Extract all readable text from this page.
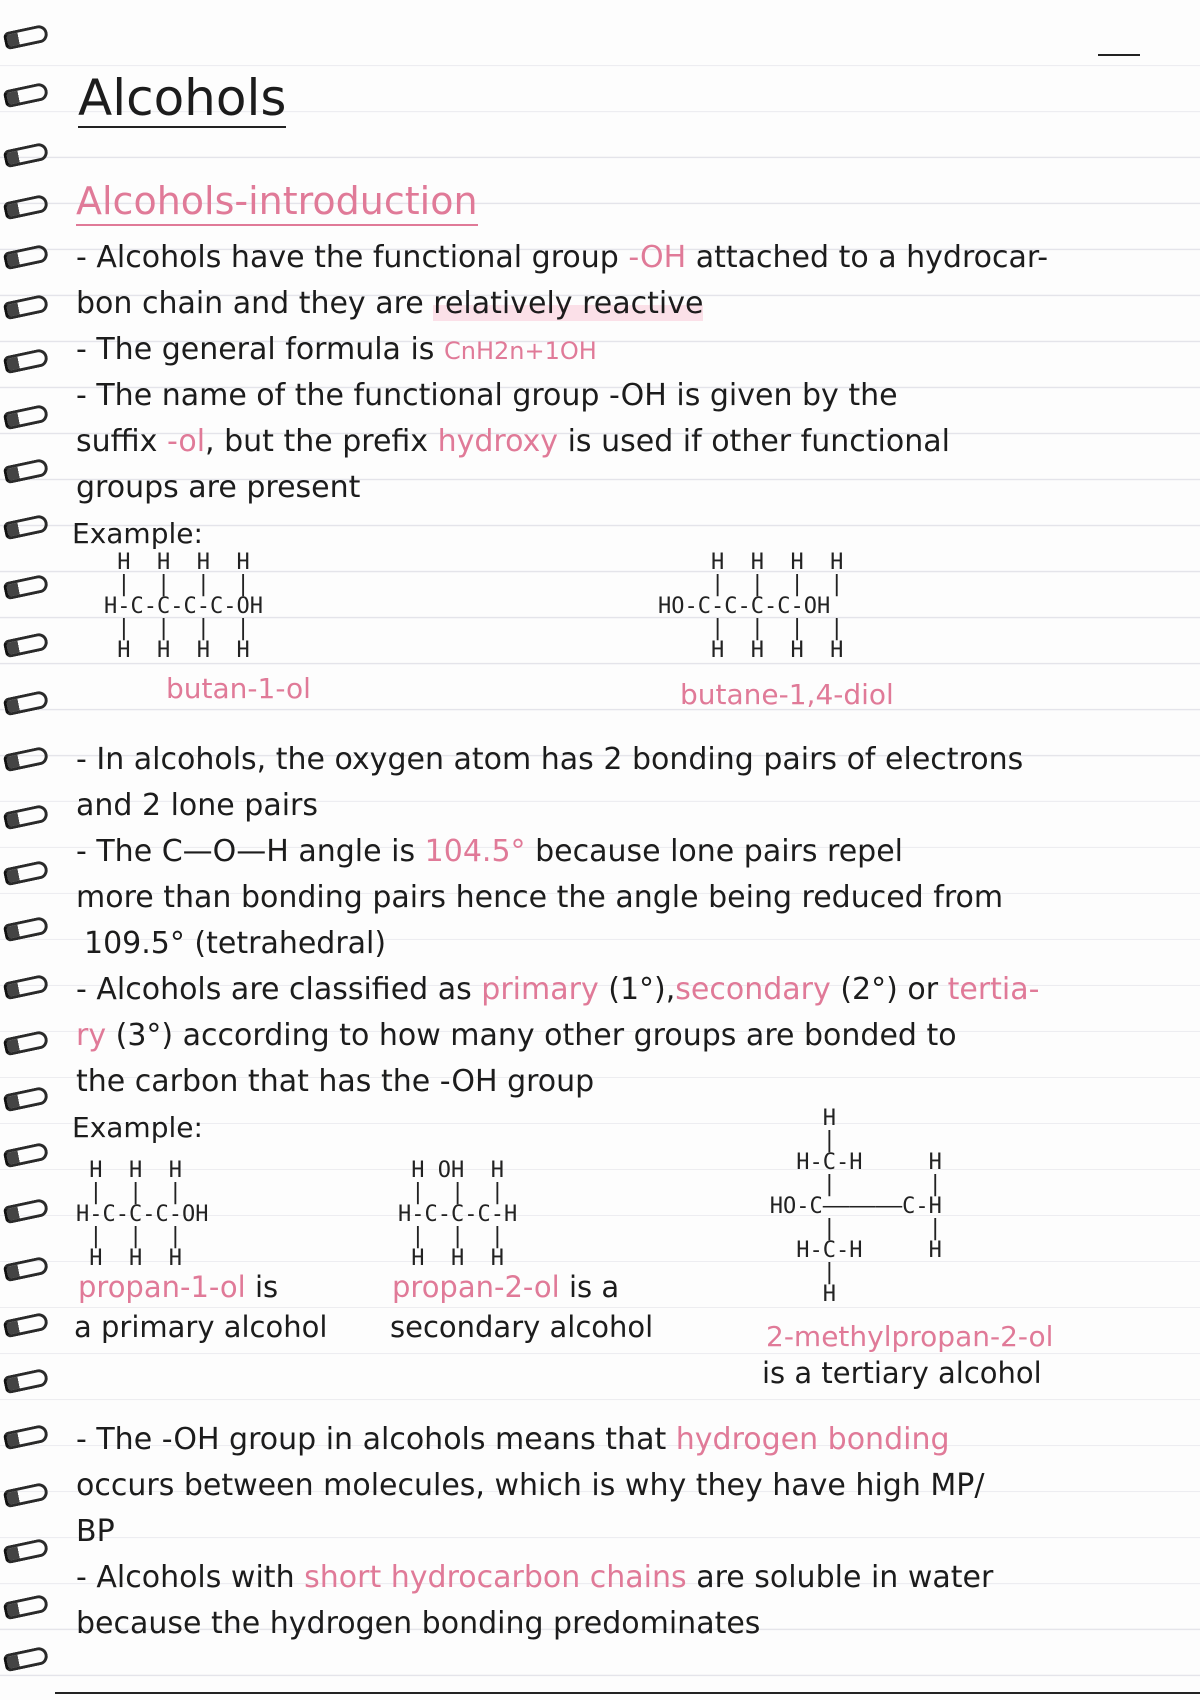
Alcohols
Alcohols-introduction
- Alcohols have the functional group -OH attached to a hydrocar-
bon chain and they are relatively reactive
- The general formula is CnH2n+1OH
- The name of the functional group -OH is given by the
suffix -ol, but the prefix hydroxy is used if other functional
groups are present
Example:
H  H  H  H
|  |  |  |
H-C-C-C-C-OH
|  |  |  |
H  H  H  H
butan-1-ol
H  H  H  H
|  |  |  |
HO-C-C-C-C-OH
|  |  |  |
H  H  H  H
butane-1,4-diol
- In alcohols, the oxygen atom has 2 bonding pairs of electrons
and 2 lone pairs
- The C—O—H angle is 104.5° because lone pairs repel
more than bonding pairs hence the angle being reduced from
109.5° (tetrahedral)
- Alcohols are classified as primary (1°),secondary (2°) or tertia-
ry (3°) according to how many other groups are bonded to
the carbon that has the -OH group
Example:
H  H  H
|  |  |
H-C-C-C-OH
|  |  |
H  H  H
propan-1-ol is
a primary alcohol
H OH  H
|  |  |
H-C-C-C-H
|  |  |
H  H  H
propan-2-ol is a
secondary alcohol
H
|
H-C-H     H
|       |
HO-C——————C-H
|       |
H-C-H     H
|
H
2-methylpropan-2-ol
is a tertiary alcohol
- The -OH group in alcohols means that hydrogen bonding
occurs between molecules, which is why they have high MP/
BP
- Alcohols with short hydrocarbon chains are soluble in water
because the hydrogen bonding predominates
